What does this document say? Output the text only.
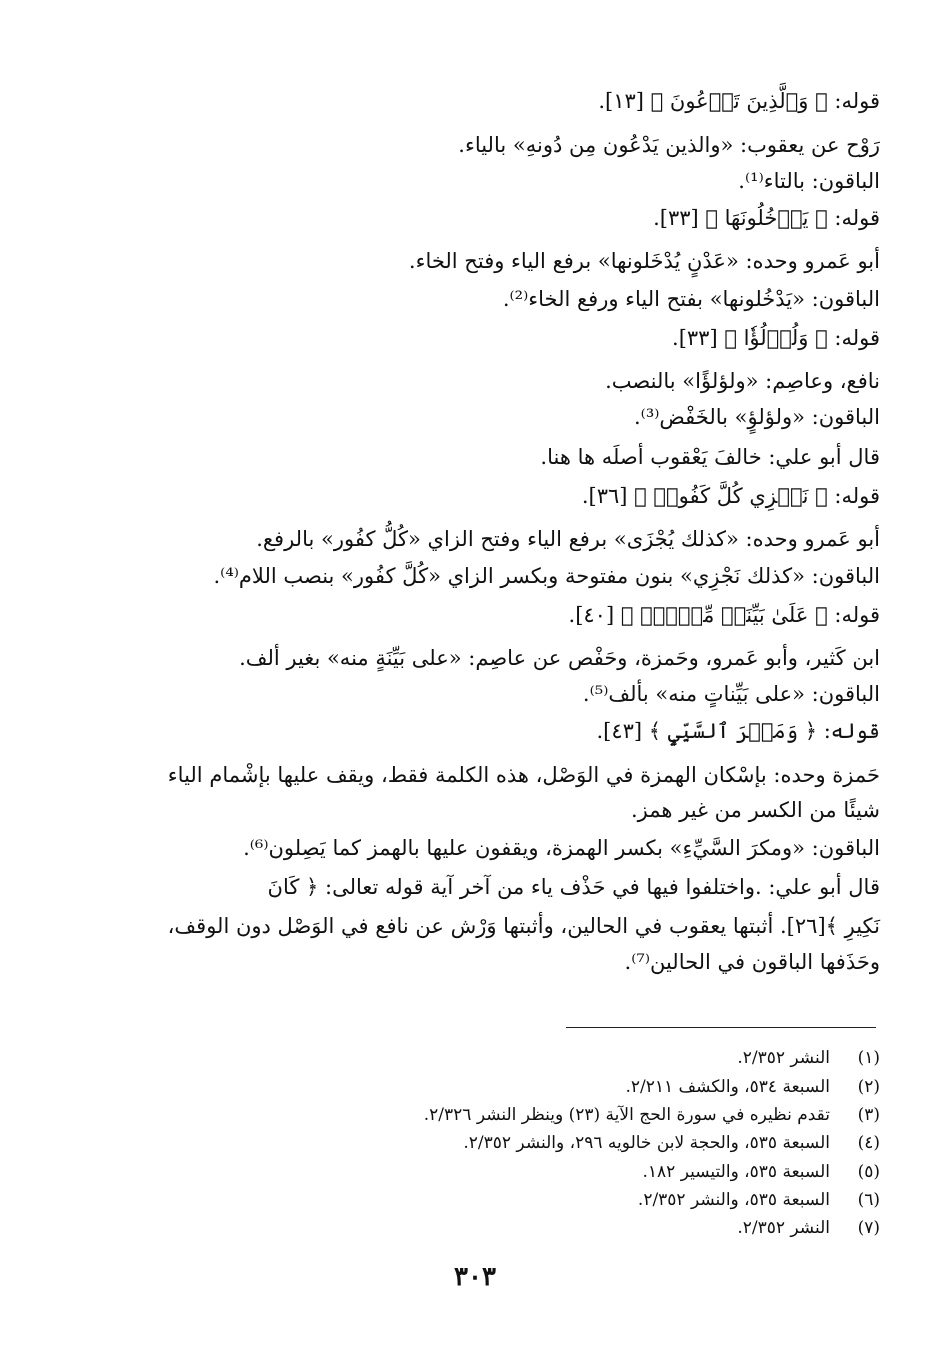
قوله: ﴿ وَٱلَّذِينَ تَدۡعُونَ ﴾ [١٣].
رَوْح عن يعقوب: «والذين يَدْعُون مِن دُونهِ» بالياء.
الباقون: بالتاء⁽¹⁾.
قوله: ﴿ يَدۡخُلُونَهَا ﴾ [٣٣].
أبو عَمرو وحده: «عَدْنٍ يُدْخَلونها» برفع الياء وفتح الخاء.
الباقون: «يَدْخُلونها» بفتح الياء ورفع الخاء⁽²⁾.
قوله: ﴿ وَلُؤۡلُؤٗا ﴾ [٣٣].
نافع، وعاصِم: «ولؤلؤًا» بالنصب.
الباقون: «ولؤلؤٍ» بالخَفْض⁽³⁾.
قال أبو علي: خالفَ يَعْقوب أصلَه ها هنا.
قوله: ﴿ نَجۡزِي كُلَّ كَفُورٖ ﴾ [٣٦].
أبو عَمرو وحده: «كذلك يُجْزَى» برفع الياء وفتح الزاي «كُلُّ كفُور» بالرفع.
الباقون: «كذلك نَجْزِي» بنون مفتوحة وبكسر الزاي «كُلَّ كفُور» بنصب اللام⁽⁴⁾.
قوله: ﴿ عَلَىٰ بَيِّنَتٖ مِّنۡهُۚ ﴾ [٤٠].
ابن كَثير، وأبو عَمرو، وحَمزة، وحَفْص عن عاصِم: «على بَيِّنَةٍ منه» بغير ألف.
الباقون: «على بَيِّناتٍ منه» بألف⁽⁵⁾.
قوله: ﴿ وَمَكۡرَ ٱلسَّيِّيِٕ ﴾ [٤٣].
حَمزة وحده: بإسْكان الهمزة في الوَصْل، هذه الكلمة فقط، ويقف عليها بإشْمام الياء
شيئًا من الكسر من غير همز.
الباقون: «ومكرَ السَّيِّءِ» بكسر الهمزة، ويقفون عليها بالهمز كما يَصِلون⁽⁶⁾.
قال أبو علي: .واختلفوا فيها في حَذْف ياء من آخر آية قوله تعالى: ﴿ كَانَ
نَكِيرِ ﴾[٢٦]. أثبتها يعقوب في الحالين، وأثبتها وَرْش عن نافع في الوَصْل دون الوقف،
وحَذَفها الباقون في الحالين⁽⁷⁾.
(١)النشر ٢/٣٥٢.
(٢)السبعة ٥٣٤، والكشف ٢/٢١١.
(٣)تقدم نظيره في سورة الحج الآية (٢٣) وينظر النشر ٢/٣٢٦.
(٤)السبعة ٥٣٥، والحجة لابن خالويه ٢٩٦، والنشر ٢/٣٥٢.
(٥)السبعة ٥٣٥، والتيسير ١٨٢.
(٦)السبعة ٥٣٥، والنشر ٢/٣٥٢.
(٧)النشر ٢/٣٥٢.
٣٠٣
